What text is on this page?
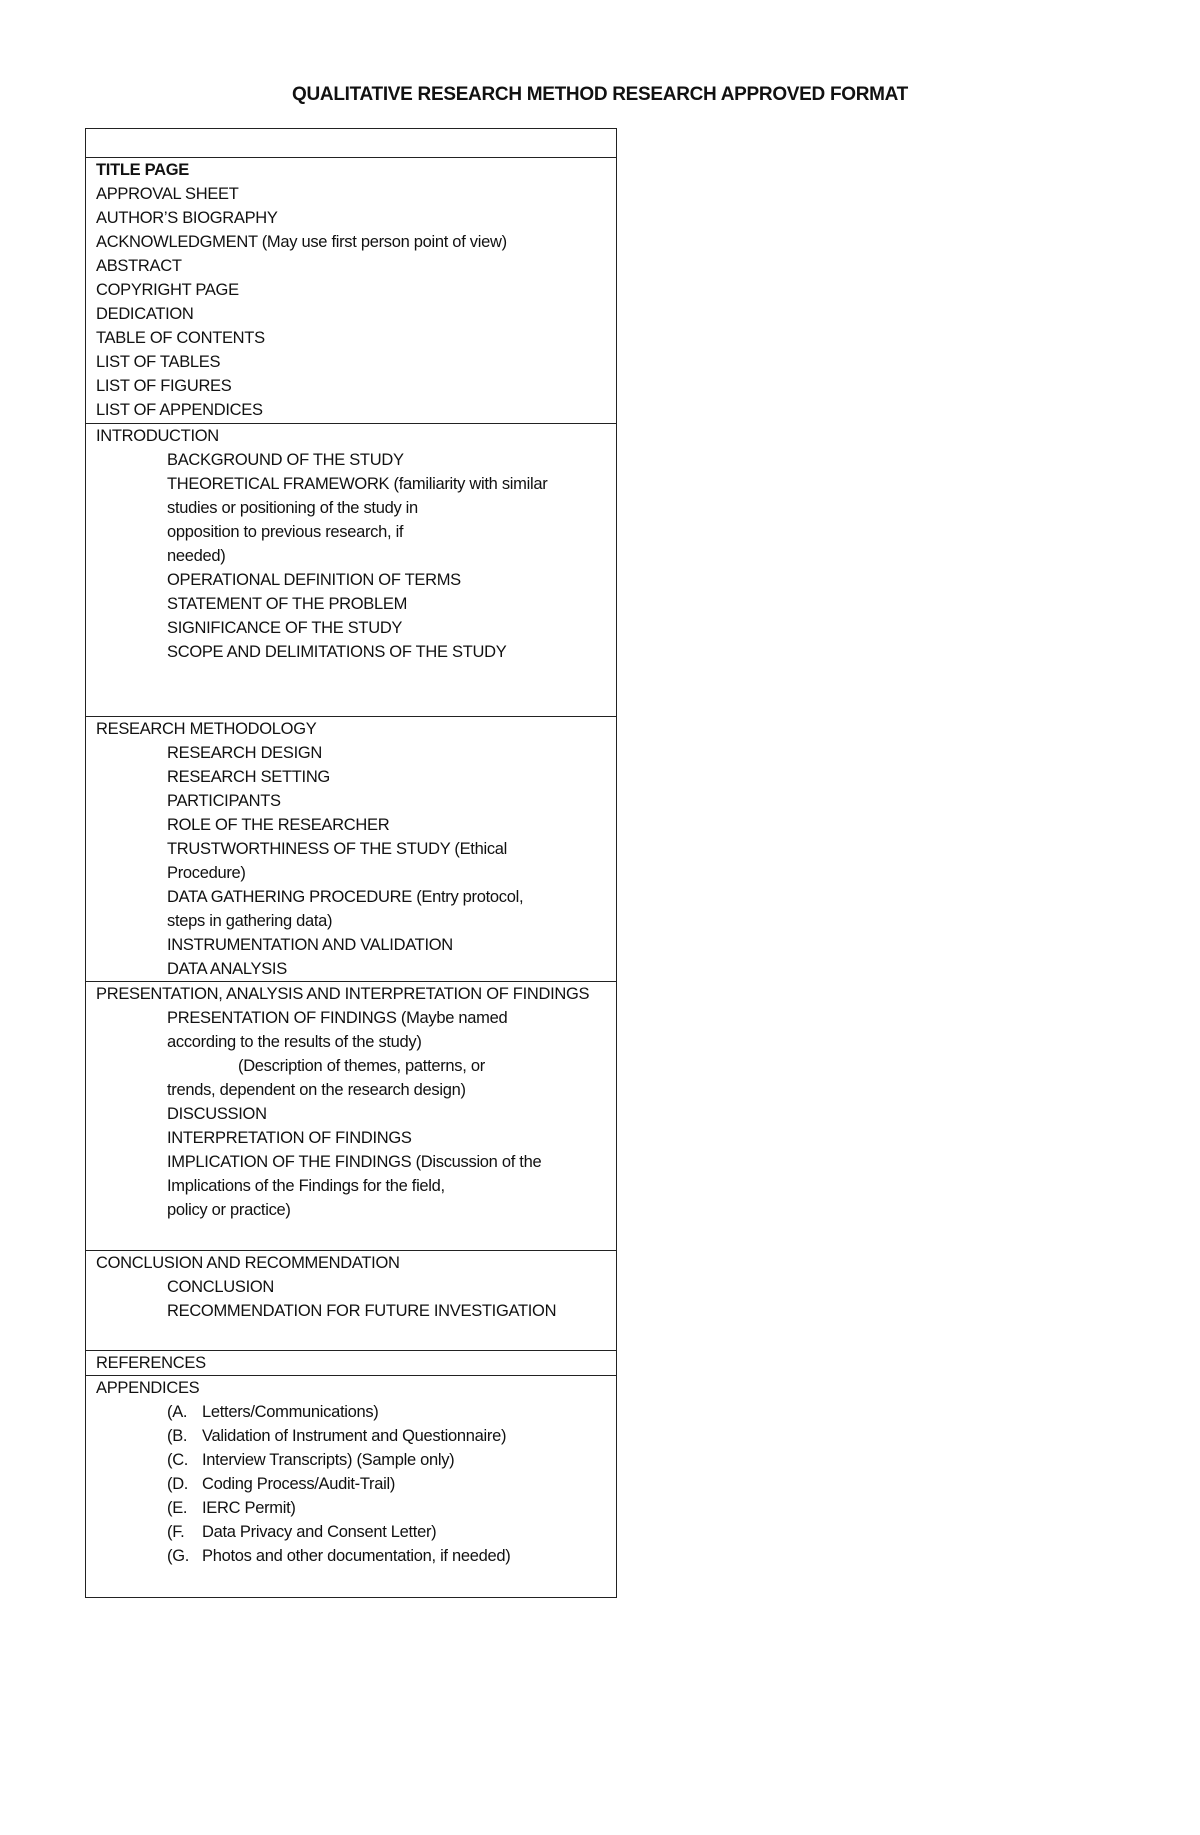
QUALITATIVE RESEARCH METHOD RESEARCH APPROVED FORMAT
TITLE PAGE
APPROVAL SHEET
AUTHOR’S BIOGRAPHY
ACKNOWLEDGMENT (May use first person point of view)
ABSTRACT
COPYRIGHT PAGE
DEDICATION
TABLE OF CONTENTS
LIST OF TABLES
LIST OF FIGURES
LIST OF APPENDICES
INTRODUCTION
BACKGROUND OF THE STUDY
THEORETICAL FRAMEWORK (familiarity with similar
studies or positioning of the study in
opposition to previous research, if
needed)
OPERATIONAL DEFINITION OF TERMS
STATEMENT OF THE PROBLEM
SIGNIFICANCE OF THE STUDY
SCOPE AND DELIMITATIONS OF THE STUDY
RESEARCH METHODOLOGY
RESEARCH DESIGN
RESEARCH SETTING
PARTICIPANTS
ROLE OF THE RESEARCHER
TRUSTWORTHINESS OF THE STUDY (Ethical
Procedure)
DATA GATHERING PROCEDURE (Entry protocol,
steps in gathering data)
INSTRUMENTATION AND VALIDATION
DATA ANALYSIS
PRESENTATION, ANALYSIS AND INTERPRETATION OF FINDINGS
PRESENTATION OF FINDINGS (Maybe named
according to the results of the study)
(Description of themes, patterns, or
trends, dependent on the research design)
DISCUSSION
INTERPRETATION OF FINDINGS
IMPLICATION OF THE FINDINGS (Discussion of the
Implications of the Findings for the field,
policy or practice)
CONCLUSION AND RECOMMENDATION
CONCLUSION
RECOMMENDATION FOR FUTURE INVESTIGATION
REFERENCES
APPENDICES
(A. Letters/Communications)
(B. Validation of Instrument and Questionnaire)
(C. Interview Transcripts) (Sample only)
(D. Coding Process/Audit-Trail)
(E. IERC Permit)
(F. Data Privacy and Consent Letter)
(G. Photos and other documentation, if needed)
